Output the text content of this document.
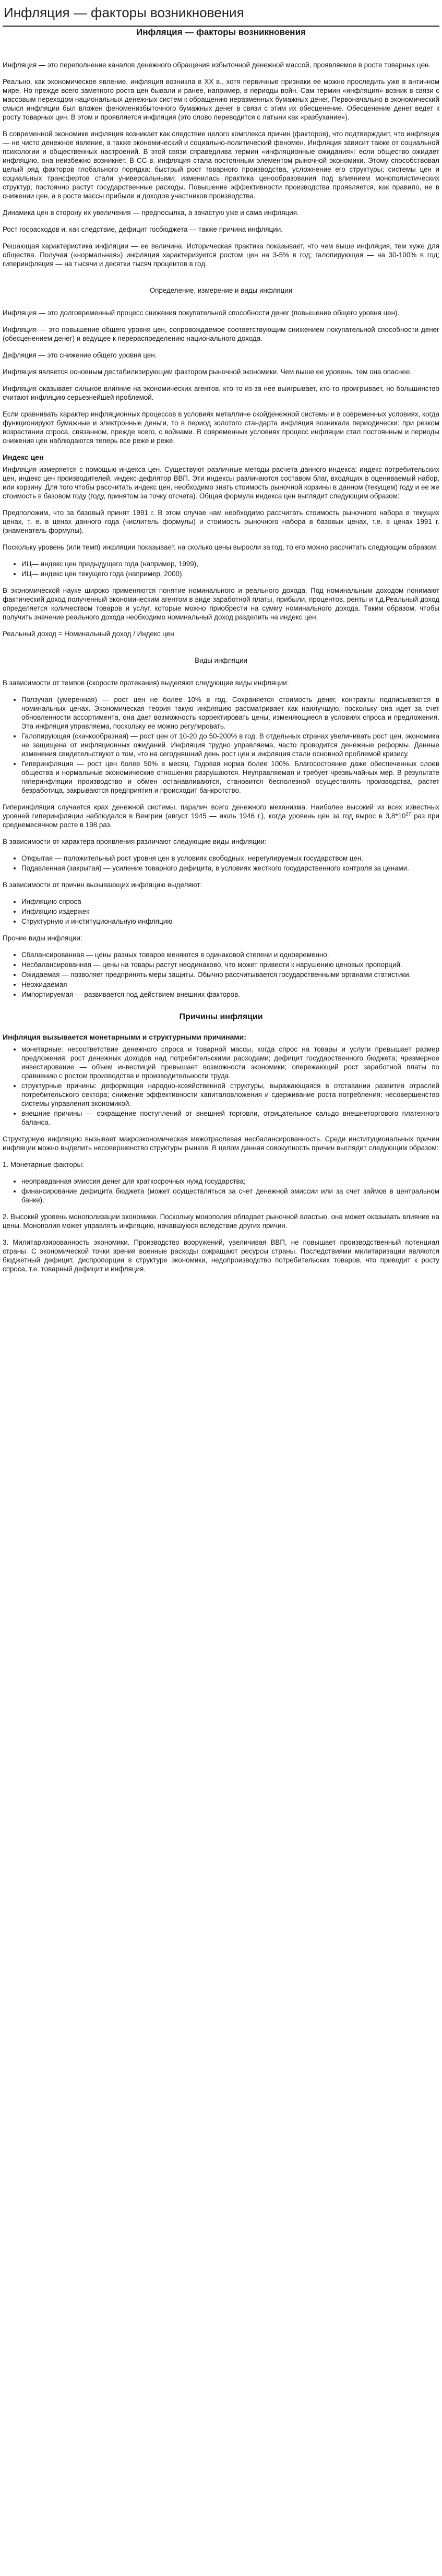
Инфляция — факторы возникновения
Инфляция — факторы возникновения

Инфляция — это переполнение каналов денежного обращения избыточной денежной массой, проявляемое в росте товарных цен.

Реально, как экономическое явление, инфляция возникла в XX в., хотя первичные признаки ее можно проследить уже в античном мире. Но прежде всего заметного роста цен бывали и ранее, например, в периоды войн. Сам термин «инфляция» возник в связи с массовым переходом национальных денежных систем к обращению неразменных бумажных денег. Первоначально в экономический смысл инфляции был вложен феноменизбыточного бумажных денег в связи с этим их обесценение. Обесценение денег ведет к росту товарных цен. В этом и проявляется инфляция (это слово переводится с латыни как «разбухание»).

В современной экономике инфляция возникает как следствие целого комплекса причин (факторов), что подтверждает, что инфляция — не чисто денежное явление, а также экономический и социально-политический феномен. Инфляция зависит также от социальной психологии и общественных настроений. В этой связи справедлива термин «инфляционные ожидания»: если общество ожидает инфляцию, она неизбежно возникнет. В СС в. инфляция стала постоянным элементом рыночной экономики. Этому способствовал целый ряд факторов глобального порядка: быстрый рост товарного производства, усложнение его структуры; системы цен и социальных трансфертов стали универсальными; изменилась практика ценообразования под влиянием монополистических структур; постоянно растут государственные расходы. Повышение эффективности производства проявляется, как правило, не в снижении цен, а в росте массы прибыли и доходов участников производства.

Динамика цен в сторону их увеличения — предпосылка, а зачастую уже и сама инфляция.

Рост госрасходов и, как следствие, дефицит госбюджета — также причина инфляции.

Решающая характеристика инфляции — ее величина. Историческая практика показывает, что чем выше инфляция, тем хуже для общества. Получая («нормальная») инфляция характеризуется ростом цен на 3-5% в год; галопирующая — на 30-100% в год; гиперинфляция — на тысячи и десятки тысяч процентов в год.

Определение, измерение и виды инфляции

Инфляция — это долговременный процесс снижения покупательной способности денег (повышение общего уровня цен).

Инфляция — это повышение общего уровня цен, сопровождаемое соответствующим снижением покупательной способности денег (обесценением денег) и ведущее к перераспределению национального дохода.

Дефляция — это снижение общего уровня цен.

Инфляция является основным дестабилизирующим фактором рыночной экономики. Чем выше ее уровень, тем она опаснее.

Инфляция оказывает сильное влияние на экономических агентов, кто-то из-за нее выигрывает, кто-то проигрывает, но большинство считают инфляцию серьезнейшей проблемой.

Если сравнивать характер инфляционных процессов в условиях металличе скойденежной системы и в современных условиях, когда функционируют бумажные и электронные деньги, то в период золотого стандарта инфляция возникала периодически: при резком возрастании спроса, связанном, прежде всего, с войнами. В современных условиях процесс инфляции стал постоянным и периоды снижения цен наблюдаются теперь все реже и реже.

Индекс цен

Инфляция измеряется с помощью индекса цен. Существуют различные методы расчета данного индекса: индекс потребительских цен, индекс цен производителей, индекс-дефлятор ВВП. Эти индексы различаются составом благ, входящих в оцениваемый набор, или корзину. Для того чтобы рассчитать индекс цен, необходимо знать стоимость рыночной корзины в данном (текущем) году и ее же стоимость в базовом году (году, принятом за точку отсчета). Общая формула индекса цен выглядит следующим образом:

Предположим, что за базовый принят 1991 г. В этом случае нам необходимо рассчитать стоимость рыночного набора в текущих ценах, т. е. в ценах данного года (числитель формулы) и стоимость рыночного набора в базовых ценах, т.е. в ценах 1991 г. (знаменатель формулы).

Поскольку уровень (или темп) инфляции показывает, на сколько цены выросли за год, то его можно рассчитать следующим образом:

• ИЦ— индекс цен предыдущего года (например, 1999),
• ИЦ— индекс цен текущего года (например, 2000).

В экономической науке широко применяются понятие номинального и реального дохода. Под номинальным доходом понимают фактический доход полученный экономическим агентом в виде заработной платы, прибыли, процентов, ренты и т.д.Реальный доход определяется количеством товаров и услуг, которые можно приобрести на сумму номинального дохода. Таким образом, чтобы получить значение реального дохода необходимо номинальный доход разделить на индекс цен:

Реальный доход = Номинальный доход / Индекс цен

Виды инфляции

В зависимости от темпов (скорости протекания) выделяют следующие виды инфляции:

• Ползучая (умеренная) — рост цен не более 10% в год. Сохраняется стоимость денег, контракты подписываются в номинальных ценах. Экономическая теория такую инфляцию рассматривает как наилучшую, поскольку она идет за счет обновленности ассортимента, она дает возможность корректировать цены, изменяющиеся в условиях спроса и предложения. Эта инфляция управляема, поскольку ее можно регулировать.
• Галопирующая (скачкообразная) — рост цен от 10-20 до 50-200% в год. В отдельных странах увеличивать рост цен, экономика не защищена от инфляционных ожиданий. Инфляция трудно управляема, часто проводится денежные реформы. Данные изменения свидетельствуют о том, что на сегодняшний день рост цен и инфляция стали основной проблемой кризису.
• Гиперинфляция — рост цен более 50% в месяц. Годовая норма более 100%. Благосостояние даже обеспеченных слоев общества и нормальные экономические отношения разрушаются. Неуправляемая и требует чрезвычайных мер. В результате гиперинфляции производство и обмен останавливаются, становится бесполезной осуществлять производства, растет безработица, закрываются предприятия и происходит банкротство.

Гиперинфляция случается крах денежной системы, паралич всего денежного механизма. Наиболее высокий из всех известных уровней гиперинфляции наблюдался в Венгрии (август 1945 — июль 1946 г.), когда уровень цен за год вырос в $3,8*10^{27}$ раз при среднемесячном росте в 198 раз.

В зависимости от характера проявления различают следующие виды инфляции:

• Открытая — положительный рост уровня цен в условиях свободных, нерегулируемых государством цен.
• Подавленная (закрытая) — усиление товарного дефицита, в условиях жесткого государственного контроля за ценами.

В зависимости от причин вызывающих инфляцию выделяют:

• Инфляцию спроса
• Инфляцию издержек
• Структурную и институциональную инфляцию

Прочие виды инфляции:

• Сбалансированная — цены разных товаров меняются в одинаковой степени и одновременно.
• Несбалансированная — цены на товары растут неодинаково, что может привести к нарушению ценовых пропорций.
• Ожидаемая — позволяет предпринять меры защиты. Обычно рассчитывается государственными органами статистики.
• Неожидаемая
• Импортируемая — развивается под действием внешних факторов.
Причины инфляции
Инфляция вызывается монетарными и структурными причинами:
• монетарные: несоответствие денежного спроса и товарной массы, когда спрос на товары и услуги превышает размер предложения; рост денежных доходов над потребительскими расходами; дефицит государственного бюджета; чрезмерное инвестирование — объем инвестиций превышает возможности экономики; опережающий рост заработной платы по сравнению с ростом производства и производительности труда.
• структурные причины: деформация народно-хозяйственной структуры, выражающаяся в отставании развития отраслей потребительского сектора; снижение эффективности капиталовложения и сдерживание роста потребления; несовершенство системы управления экономикой.
• внешние причины — сокращение поступлений от внешней торговли, отрицательное сальдо внешнеторгового платежного баланса.

Структурную инфляцию вызывает макроэкономическая межотраслевая несбалансированность. Среди институциональных причин инфляции можно выделить несовершенство структуры рынков. В целом данная совокупность причин выглядит следующим образом:

1. Монетарные факторы:

• неоправданная эмиссия денег для краткосрочных нужд государства;
• финансирование дефицита бюджета (может осуществляться за счет денежной эмиссии или за счет займов в центральном банке).

2. Высокий уровень монополизации экономики. Поскольку монополия обладает рыночной властью, она может оказывать влияние на цены. Монополия может управлять инфляцию, начавшуюся вследствие других причин.

3. Милитаризированность экономики. Производство вооружений, увеличивая ВВП, не повышает производственный потенциал страны. С экономической точки зрения военные расходы сокращают ресурсы страны. Последствиями милитаризации являются бюджетный дефицит, диспропорции в структуре экономики, недопроизводство потребительских товаров, что приводит к росту спроса, т.е. товарный дефицит и инфляция.
